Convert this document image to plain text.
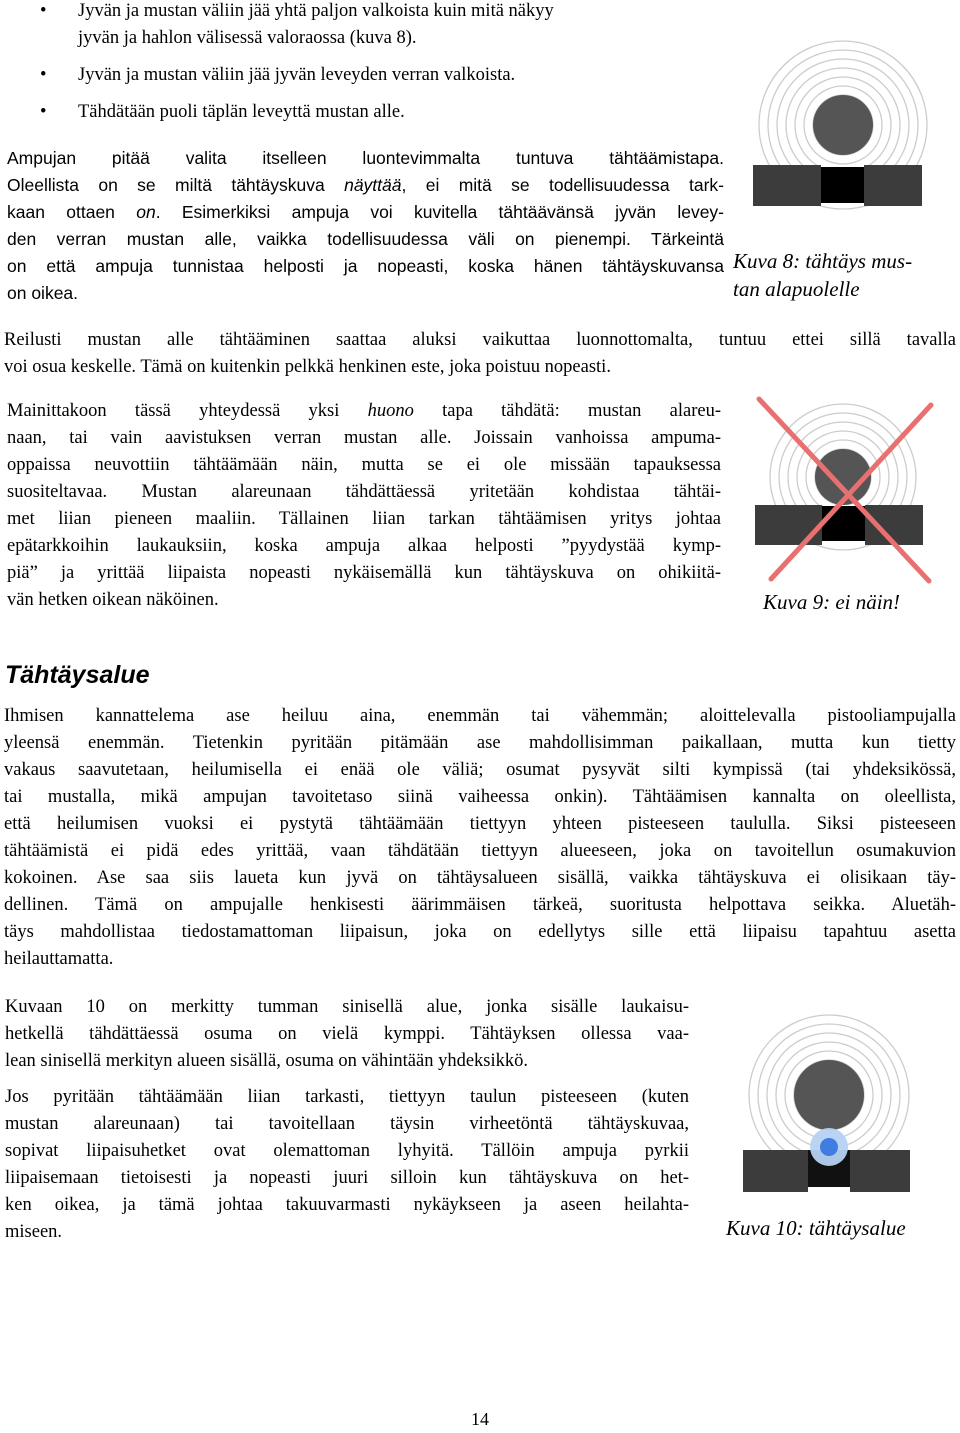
• Jyvän ja mustan väliin jää yhtä paljon valkoista kuin mitä näkyy
jyvän ja hahlon välisessä valoraossa (kuva 8).
• Jyvän ja mustan väliin jää jyvän leveyden verran valkoista.
• Tähdätään puoli täplän leveyttä mustan alle.
Ampujan pitää valita itselleen luontevimmalta tuntuva tähtäämistapa.
Oleellista on se miltä tähtäyskuva näyttää, ei mitä se todellisuudessa tark-
kaan ottaen on. Esimerkiksi ampuja voi kuvitella tähtäävänsä jyvän levey-
den verran mustan alle, vaikka todellisuudessa väli on pienempi. Tärkeintä
on että ampuja tunnistaa helposti ja nopeasti, koska hänen tähtäyskuvansa
on oikea.
Kuva 8: tähtäys mus-
tan alapuolelle
Reilusti mustan alle tähtääminen saattaa aluksi vaikuttaa luonnottomalta, tuntuu ettei sillä tavalla
voi osua keskelle. Tämä on kuitenkin pelkkä henkinen este, joka poistuu nopeasti.
Mainittakoon tässä yhteydessä yksi huono tapa tähdätä: mustan alareu-
naan, tai vain aavistuksen verran mustan alle. Joissain vanhoissa ampuma-
oppaissa neuvottiin tähtäämään näin, mutta se ei ole missään tapauksessa
suositeltavaa. Mustan alareunaan tähdättäessä yritetään kohdistaa tähtäi-
met liian pieneen maaliin. Tällainen liian tarkan tähtäämisen yritys johtaa
epätarkkoihin laukauksiin, koska ampuja alkaa helposti ”pyydystää kymp-
piä” ja yrittää liipaista nopeasti nykäisemällä kun tähtäyskuva on ohikiitä-
vän hetken oikean näköinen.	Kuva 9: ei näin!
Tähtäysalue
Ihmisen kannattelema ase heiluu aina, enemmän tai vähemmän; aloittelevalla pistooliampujalla
yleensä enemmän. Tietenkin pyritään pitämään ase mahdollisimman paikallaan, mutta kun tietty
vakaus saavutetaan, heilumisella ei enää ole väliä; osumat pysyvät silti kympissä (tai yhdeksikössä,
tai mustalla, mikä ampujan tavoitetaso siinä vaiheessa onkin). Tähtäämisen kannalta on oleellista,
että heilumisen vuoksi ei pystytä tähtäämään tiettyyn yhteen pisteeseen taululla. Siksi pisteeseen
tähtäämistä ei pidä edes yrittää, vaan tähdätään tiettyyn alueeseen, joka on tavoitellun osumakuvion
kokoinen. Ase saa siis laueta kun jyvä on tähtäysalueen sisällä, vaikka tähtäyskuva ei olisikaan täy-
dellinen. Tämä on ampujalle henkisesti äärimmäisen tärkeä, suoritusta helpottava seikka. Aluetäh-
täys mahdollistaa tiedostamattoman liipaisun, joka on edellytys sille että liipaisu tapahtuu asetta
heilauttamatta.
Kuvaan 10 on merkitty tumman sinisellä alue, jonka sisälle laukaisu-
hetkellä tähdättäessä osuma on vielä kymppi. Tähtäyksen ollessa vaa-
lean sinisellä merkityn alueen sisällä, osuma on vähintään yhdeksikkö.
Jos pyritään tähtäämään liian tarkasti, tiettyyn taulun pisteeseen (kuten
mustan alareunaan) tai tavoitellaan täysin virheetöntä tähtäyskuvaa,
sopivat liipaisuhetket ovat olemattoman lyhyitä. Tällöin ampuja pyrkii
liipaisemaan tietoisesti ja nopeasti juuri silloin kun tähtäyskuva on het-
ken oikea, ja tämä johtaa takuuvarmasti nykäykseen ja aseen heilahta-
miseen.	Kuva 10: tähtäysalue
14
